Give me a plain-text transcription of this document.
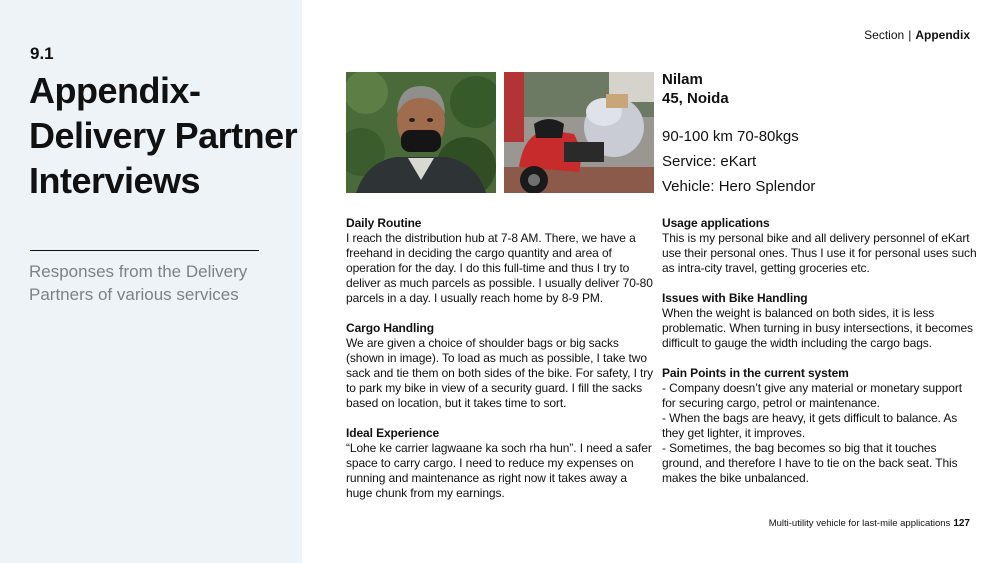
9.1
Appendix- Delivery Partner Interviews
Responses from the Delivery Partners of various services
Section | Appendix
Nilam
45, Noida
90-100 km 70-80kgs
Service: eKart
Vehicle: Hero Splendor
Daily Routine

I reach the distribution hub at 7-8 AM. There, we have a freehand in deciding the cargo quantity and area of operation for the day. I do this full-time and thus I try to deliver as much parcels as possible. I usually deliver 70-80 parcels in a day. I usually reach home by 8-9 PM.

Cargo Handling

We are given a choice of shoulder bags or big sacks (shown in image). To load as much as possible, I take two sack and tie them on both sides of the bike. For safety, I try to park my bike in view of a security guard. I fill the sacks based on location, but it takes time to sort.

Ideal Experience

“Lohe ke carrier lagwaane ka soch rha hun”. I need a safer space to carry cargo. I need to reduce my expenses on running and maintenance as right now it takes away a huge chunk from my earnings.

Usage applications

This is my personal bike and all delivery personnel of eKart use their personal ones. Thus I use it for personal uses such as intra-city travel, getting groceries etc.

Issues with Bike Handling

When the weight is balanced on both sides, it is less problematic. When turning in busy intersections, it becomes difficult to gauge the width including the cargo bags.

Pain Points in the current system
- Company doesn’t give any material or monetary support for securing cargo, petrol or maintenance.
- When the bags are heavy, it gets difficult to balance. As they get lighter, it improves.
- Sometimes, the bag becomes so big that it touches ground, and therefore I have to tie on the back seat. This makes the bike unbalanced.
Multi-utility vehicle for last-mile applications 127
